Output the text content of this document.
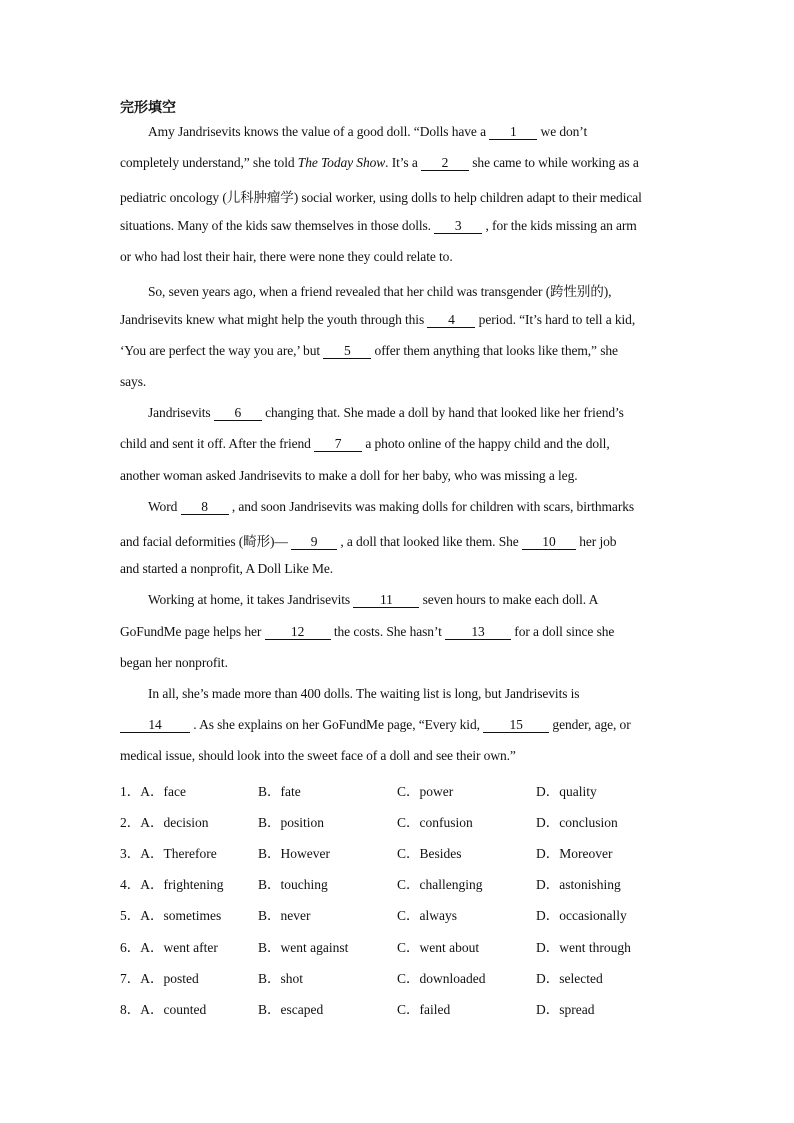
完形填空
Amy Jandrisevits knows the value of a good doll. “Dolls have a 1 we don’t
completely understand,” she told The Today Show. It’s a 2 she came to while working as a
pediatric oncology (儿科肿瘤学) social worker, using dolls to help children adapt to their medical
situations. Many of the kids saw themselves in those dolls. 3 , for the kids missing an arm
or who had lost their hair, there were none they could relate to.
So, seven years ago, when a friend revealed that her child was transgender (跨性别的),
Jandrisevits knew what might help the youth through this 4 period. “It’s hard to tell a kid,
‘You are perfect the way you are,’ but 5 offer them anything that looks like them,” she
says.
Jandrisevits 6 changing that. She made a doll by hand that looked like her friend’s
child and sent it off. After the friend 7 a photo online of the happy child and the doll,
another woman asked Jandrisevits to make a doll for her baby, who was missing a leg.
Word 8 , and soon Jandrisevits was making dolls for children with scars, birthmarks
and facial deformities (畸形)— 9 , a doll that looked like them. She 10 her job
and started a nonprofit, A Doll Like Me.
Working at home, it takes Jandrisevits 11 seven hours to make each doll. A
GoFundMe page helps her 12 the costs. She hasn’t 13 for a doll since she
began her nonprofit.
In all, she’s made more than 400 dolls. The waiting list is long, but Jandrisevits is
14 . As she explains on her GoFundMe page, “Every kid, 15 gender, age, or
medical issue, should look into the sweet face of a doll and see their own.”
1．A．face	B．fate	C．power	D．quality
2．A．decision	B．position	C．confusion	D．conclusion
3．A．Therefore	B．However	C．Besides	D．Moreover
4．A．frightening	B．touching	C．challenging	D．astonishing
5．A．sometimes	B．never	C．always	D．occasionally
6．A．went after	B．went against	C．went about	D．went through
7．A．posted	B．shot	C．downloaded	D．selected
8．A．counted	B．escaped	C．failed	D．spread
